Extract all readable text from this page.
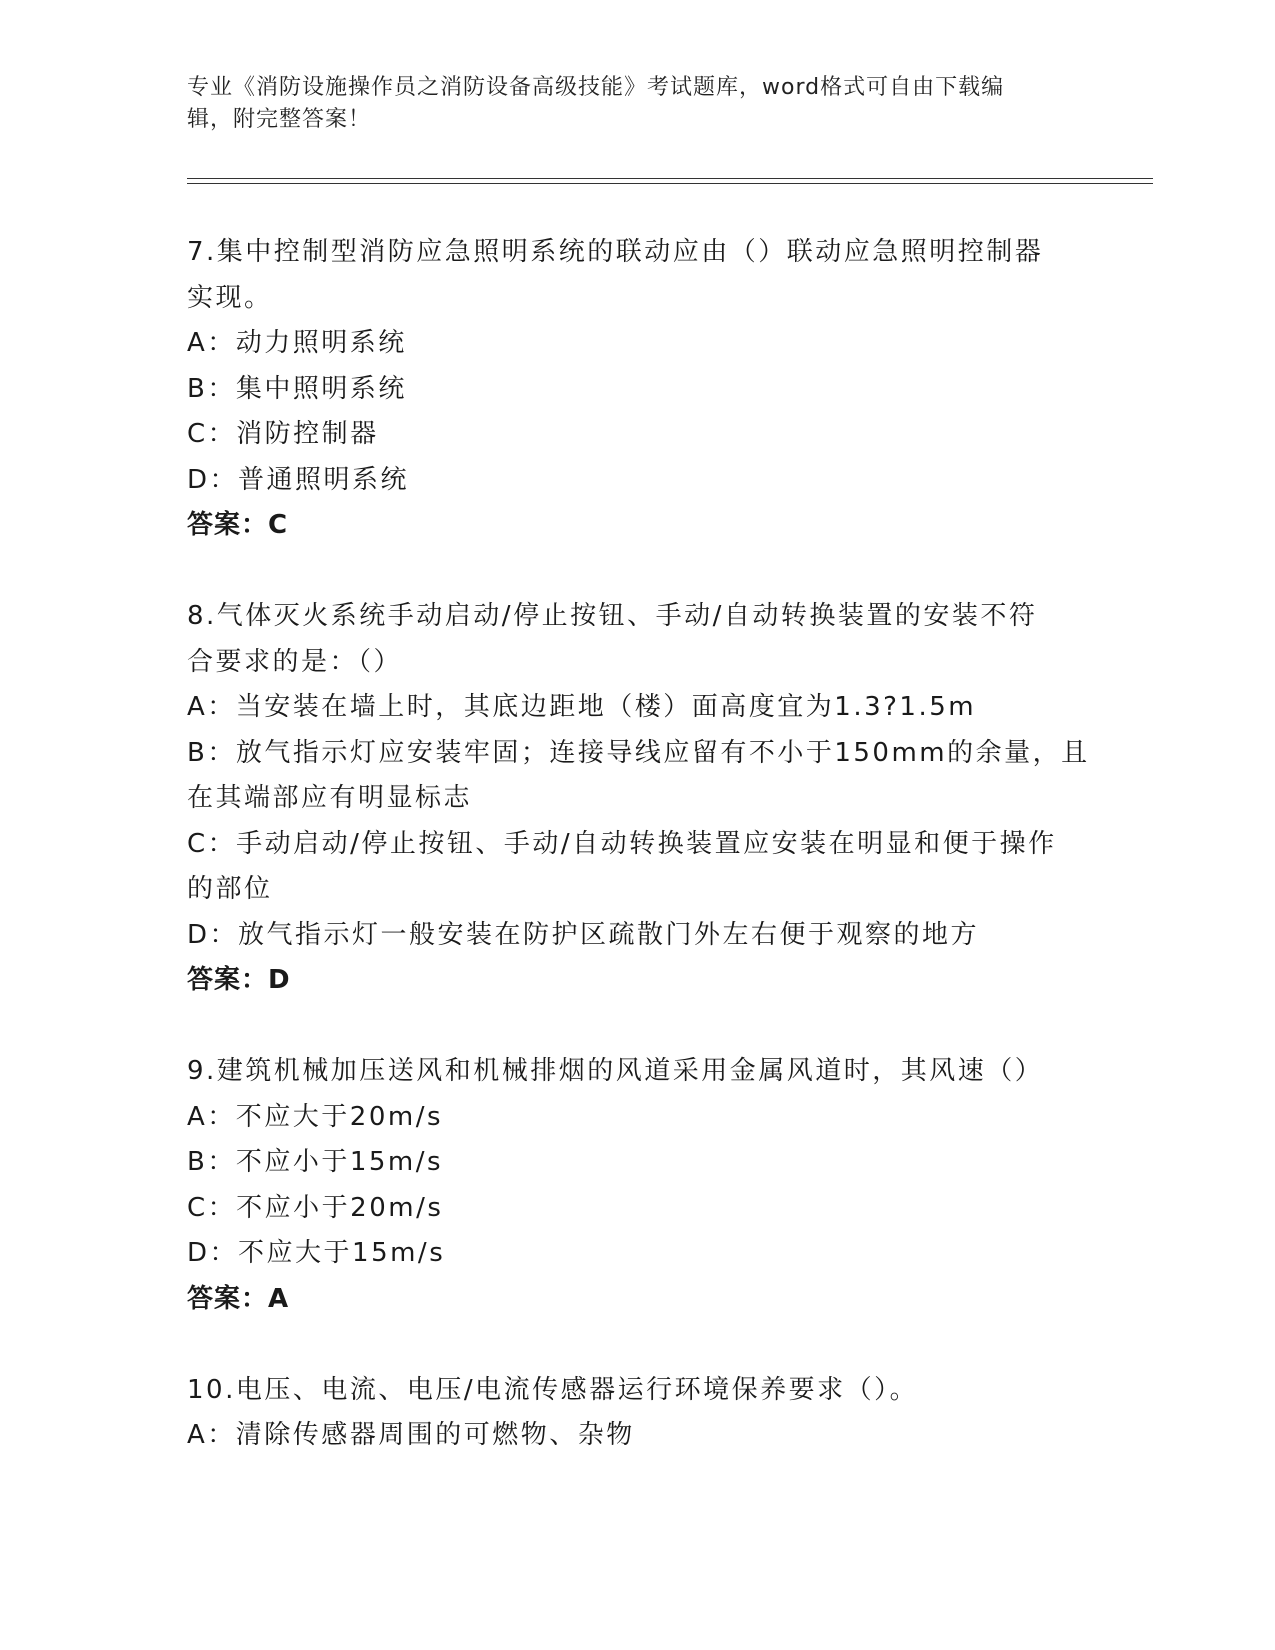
专业《消防设施操作员之消防设备高级技能》考试题库，word格式可自由下载编
辑，附完整答案！
7.集中控制型消防应急照明系统的联动应由（）联动应急照明控制器
实现。
A：动力照明系统
B：集中照明系统
C：消防控制器
D：普通照明系统
答案：C
8.气体灭火系统手动启动/停止按钮、手动/自动转换装置的安装不符
合要求的是：（）
A：当安装在墙上时，其底边距地（楼）面高度宜为1.3?1.5m
B：放气指示灯应安装牢固；连接导线应留有不小于150mm的余量，且
在其端部应有明显标志
C：手动启动/停止按钮、手动/自动转换装置应安装在明显和便于操作
的部位
D：放气指示灯一般安装在防护区疏散门外左右便于观察的地方
答案：D
9.建筑机械加压送风和机械排烟的风道采用金属风道时，其风速（）
A：不应大于20m/s
B：不应小于15m/s
C：不应小于20m/s
D：不应大于15m/s
答案：A
10.电压、电流、电压/电流传感器运行环境保养要求（）。
A：清除传感器周围的可燃物、杂物
